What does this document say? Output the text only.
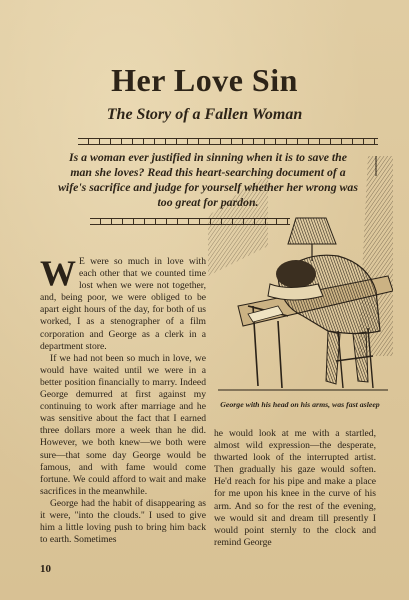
Her Love Sin
The Story of a Fallen Woman

Is a woman ever justified in sinning when it is to save the man she loves? Read this heart-searching document of a wife's sacrifice and judge for yourself whether her wrong was too great for pardon.

George with his head on his arms, was fast asleep

W E were so much in love with each other that we counted time lost when we were not together, and, being poor, we were obliged to be apart eight hours of the day, for both of us worked, I as a stenographer of a film corporation and George as a clerk in a department store.

If we had not been so much in love, we would have waited until we were in a better position financially to marry. Indeed George demurred at first against my continuing to work after marriage and he was sensitive about the fact that I earned three dollars more a week than he did. However, we both knew—we both were sure—that some day George would be famous, and with fame would come fortune. We could afford to wait and make sacrifices in the meanwhile.

George had the habit of disappearing as it were, "into the clouds." I used to give him a little loving push to bring him back to earth. Sometimes

he would look at me with a startled, almost wild expression—the desperate, thwarted look of the interrupted artist. Then gradually his gaze would soften. He'd reach for his pipe and make a place for me upon his knee in the curve of his arm. And so for the rest of the evening, we would sit and dream till presently I would point sternly to the clock and remind George

10
